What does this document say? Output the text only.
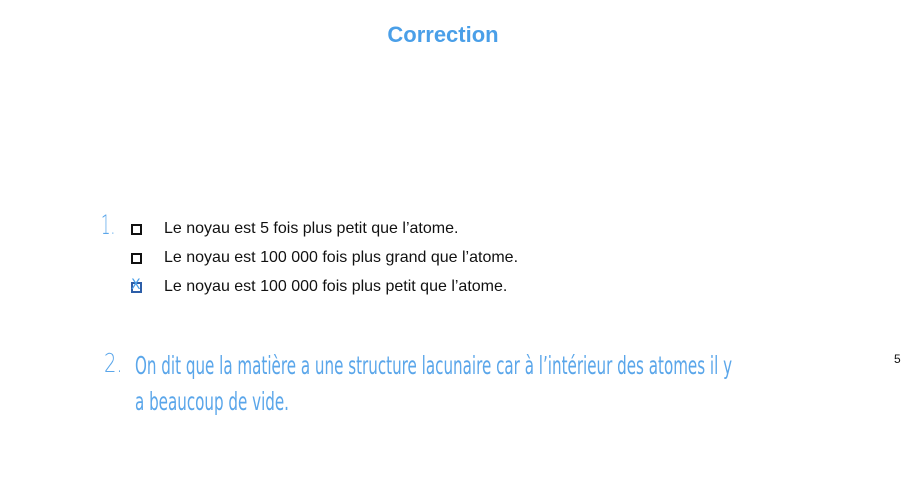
Correction
1.	Le noyau est 5 fois plus petit que l’atome.
Le noyau est 100 000 fois plus grand que l’atome.
X Le noyau est 100 000 fois plus petit que l’atome.
2. On dit que la matière a une structure lacunaire car à l’intérieur des atomes il y
a beaucoup de vide.
5
